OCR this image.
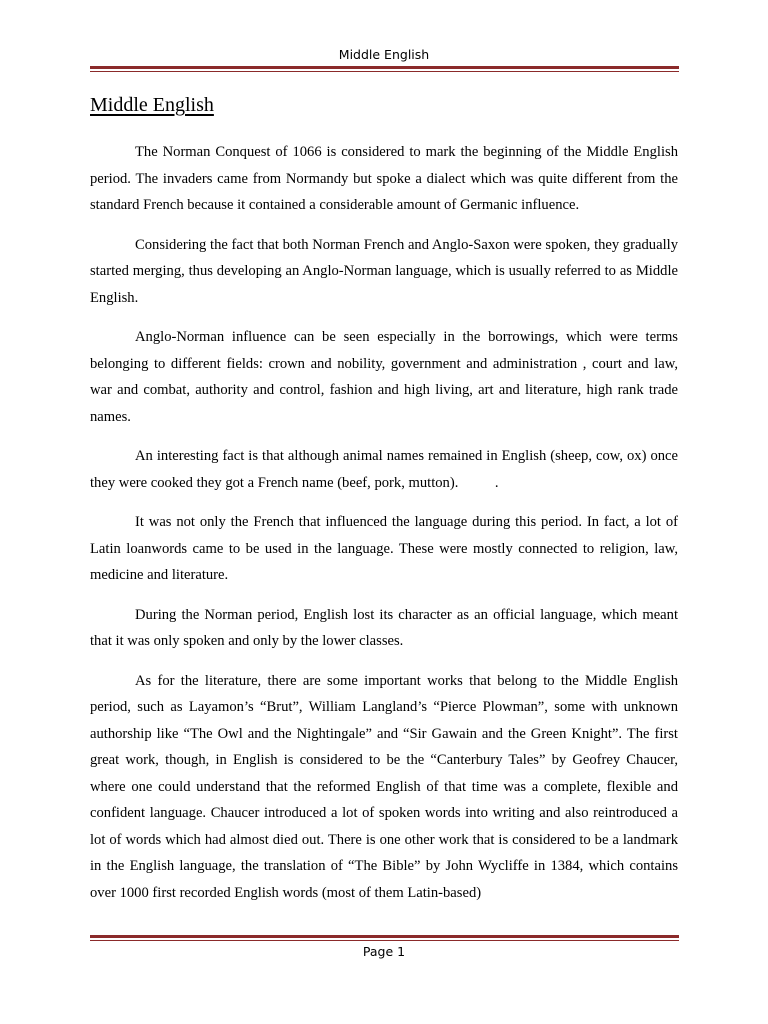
Middle English
Middle English

The Norman Conquest of 1066 is considered to mark the beginning of the Middle English period. The invaders came from Normandy but spoke a dialect which was quite different from the standard French because it contained a considerable amount of Germanic influence.

Considering the fact that both Norman French and Anglo-Saxon were spoken, they gradually started merging, thus developing an Anglo-Norman language, which is usually referred to as Middle English.

Anglo-Norman influence can be seen especially in the borrowings, which were terms belonging to different fields: crown and nobility, government and administration , court and law, war and combat, authority and control, fashion and high living, art and literature, high rank trade names.

An interesting fact is that although animal names remained in English (sheep, cow, ox) once they were cooked they got a French name (beef, pork, mutton).          .

It was not only the French that influenced the language during this period. In fact, a lot of Latin loanwords came to be used in the language. These were mostly connected to religion, law, medicine and literature.

During the Norman period, English lost its character as an official language, which meant that it was only spoken and only by the lower classes.

As for the literature, there are some important works that belong to the Middle English period, such as Layamon’s “Brut”, William Langland’s “Pierce Plowman”, some with unknown authorship like “The Owl and the Nightingale” and “Sir Gawain and the Green Knight”. The first great work, though, in English is considered to be the “Canterbury Tales” by Geofrey Chaucer, where one could understand that the reformed English of that time was a complete, flexible and confident language. Chaucer introduced a lot of spoken words into writing and also reintroduced a lot of words which had almost died out. There is one other work that is considered to be a landmark in the English language, the translation of “The Bible” by John Wycliffe in 1384, which contains over 1000 first recorded English words (most of them Latin-based)

Page 1
